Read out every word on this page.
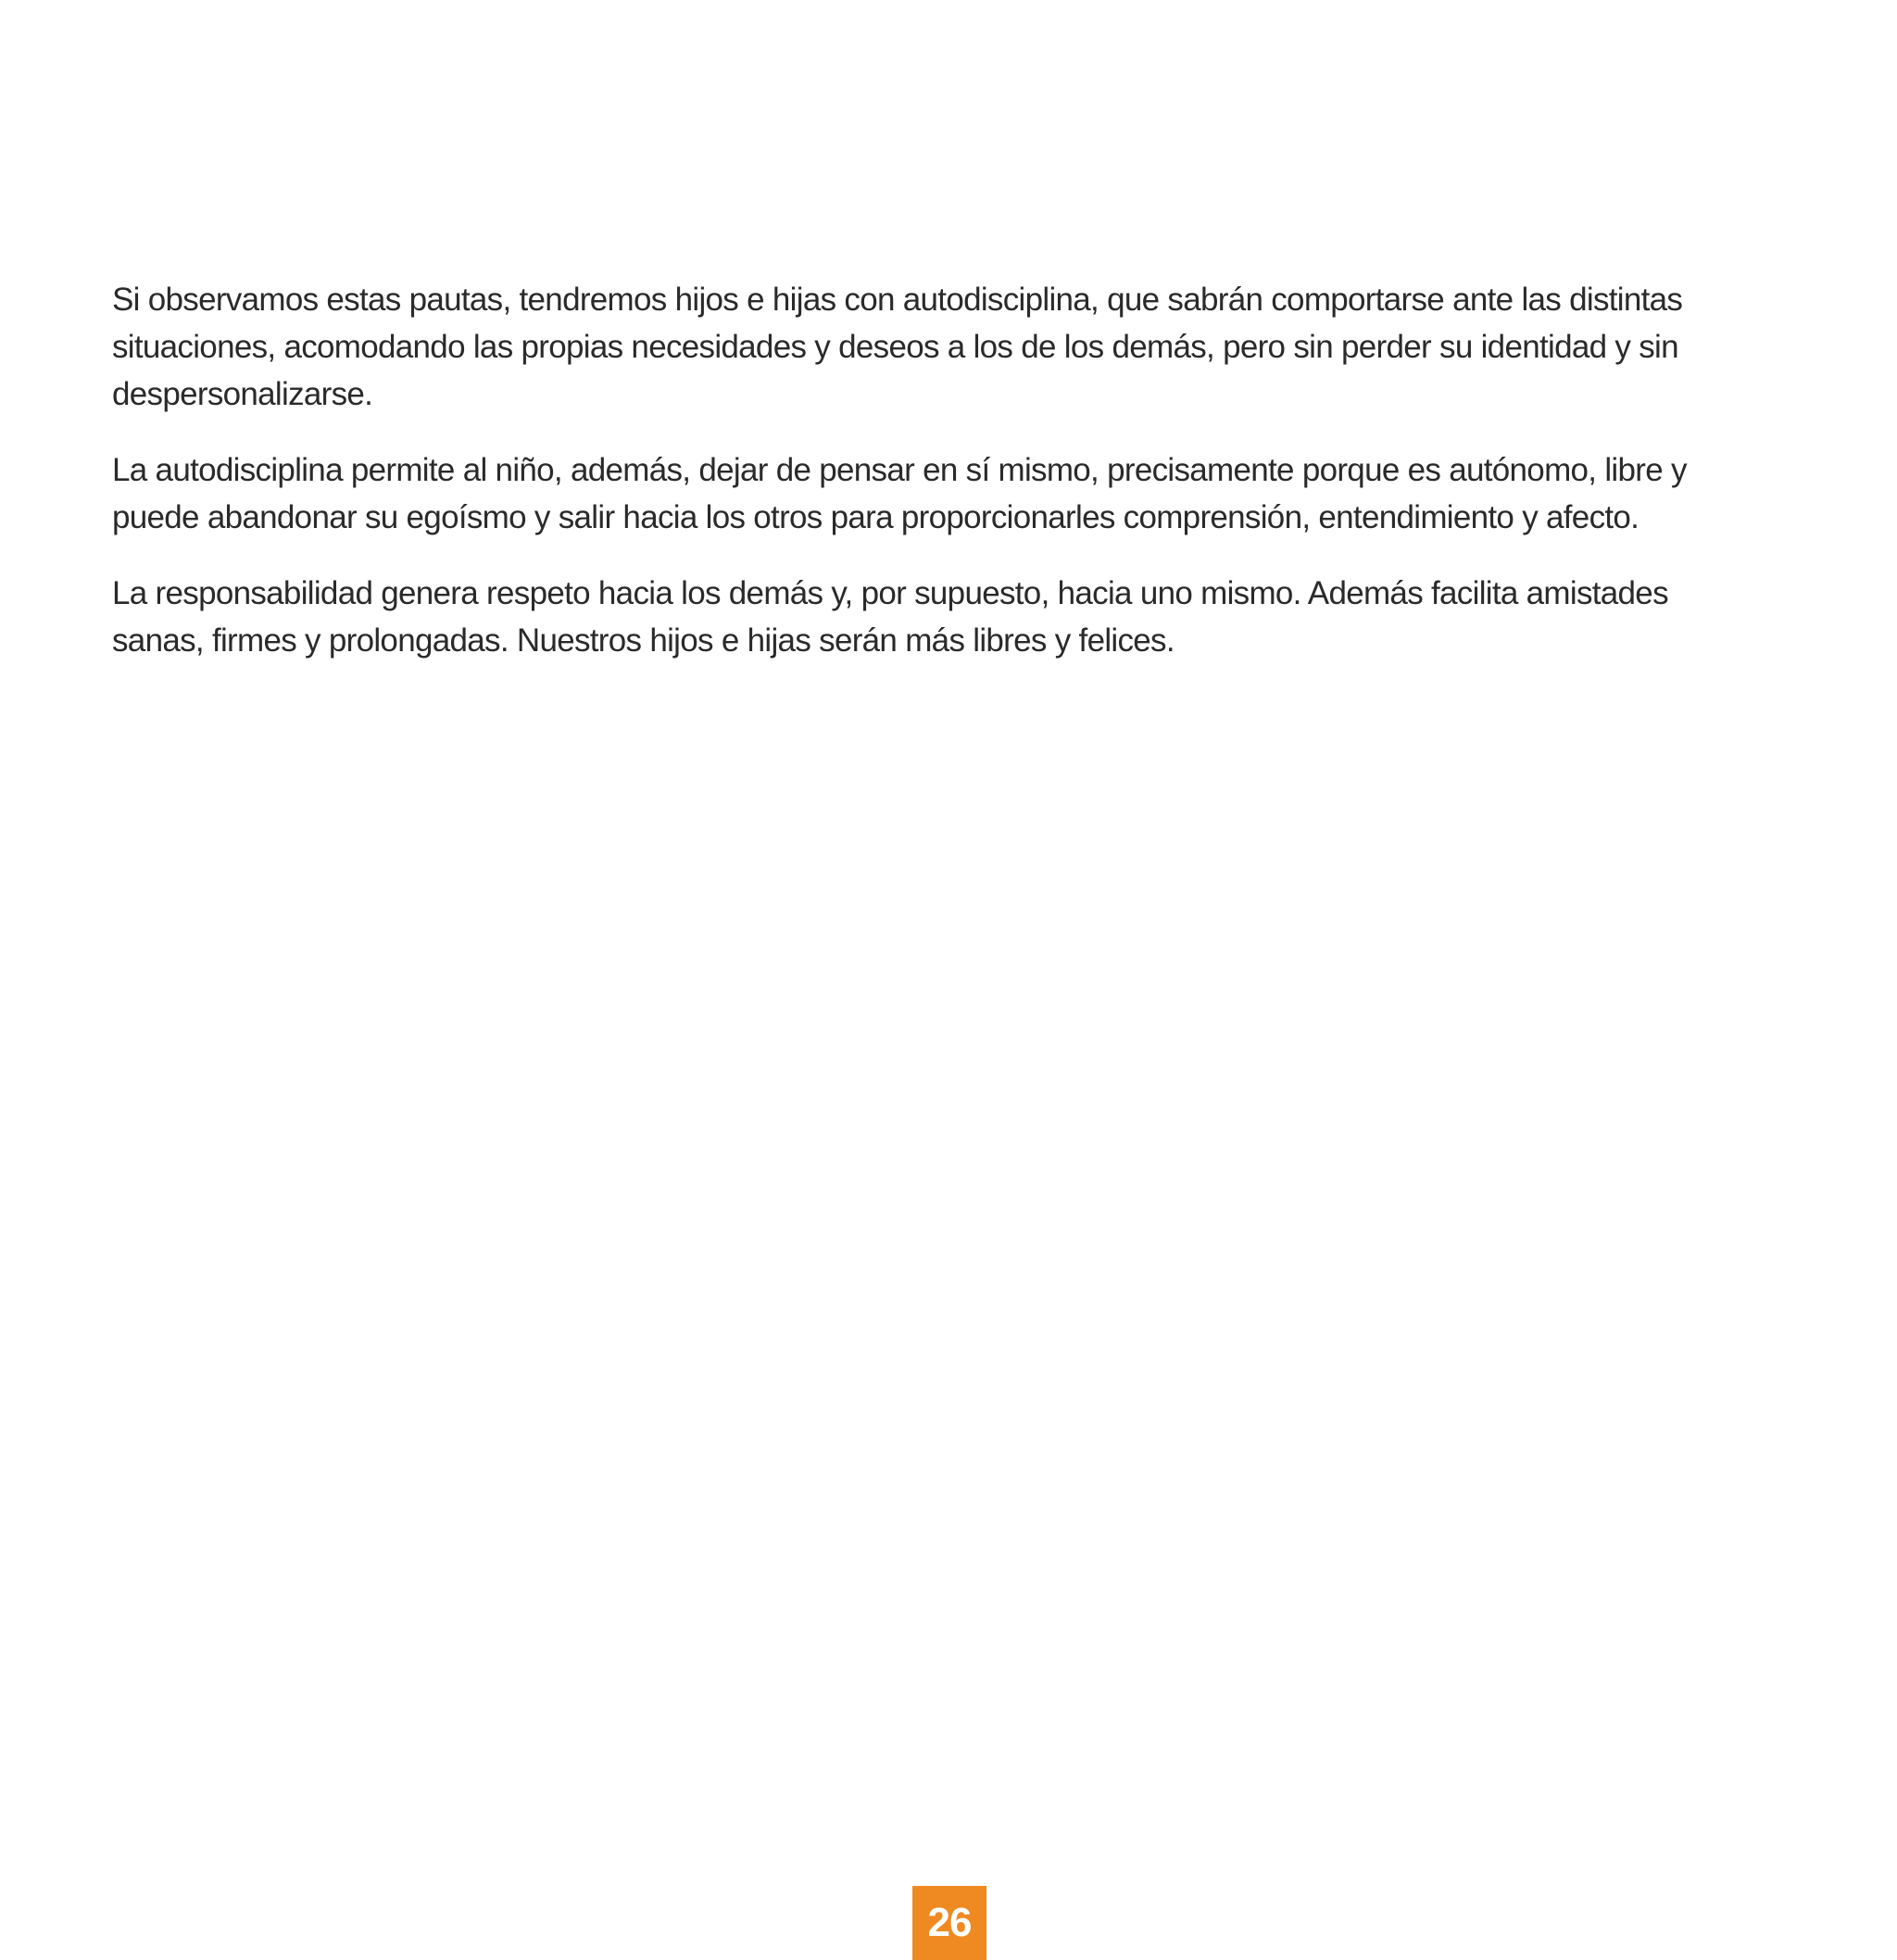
Si observamos estas pautas, tendremos hijos e hijas con autodisciplina, que sabrán comportarse ante las distintas situaciones, acomodando las propias necesidades y deseos a los de los demás, pero sin perder su identidad y sin despersonalizarse.

La autodisciplina permite al niño, además, dejar de pensar en sí mismo, precisamente porque es autónomo, libre y puede abandonar su egoísmo y salir hacia los otros para proporcionarles comprensión, entendimiento y afecto.

La responsabilidad genera respeto hacia los demás y, por supuesto, hacia uno mismo. Además facilita amistades sanas, firmes y prolongadas. Nuestros hijos e hijas serán más libres y felices.

26
